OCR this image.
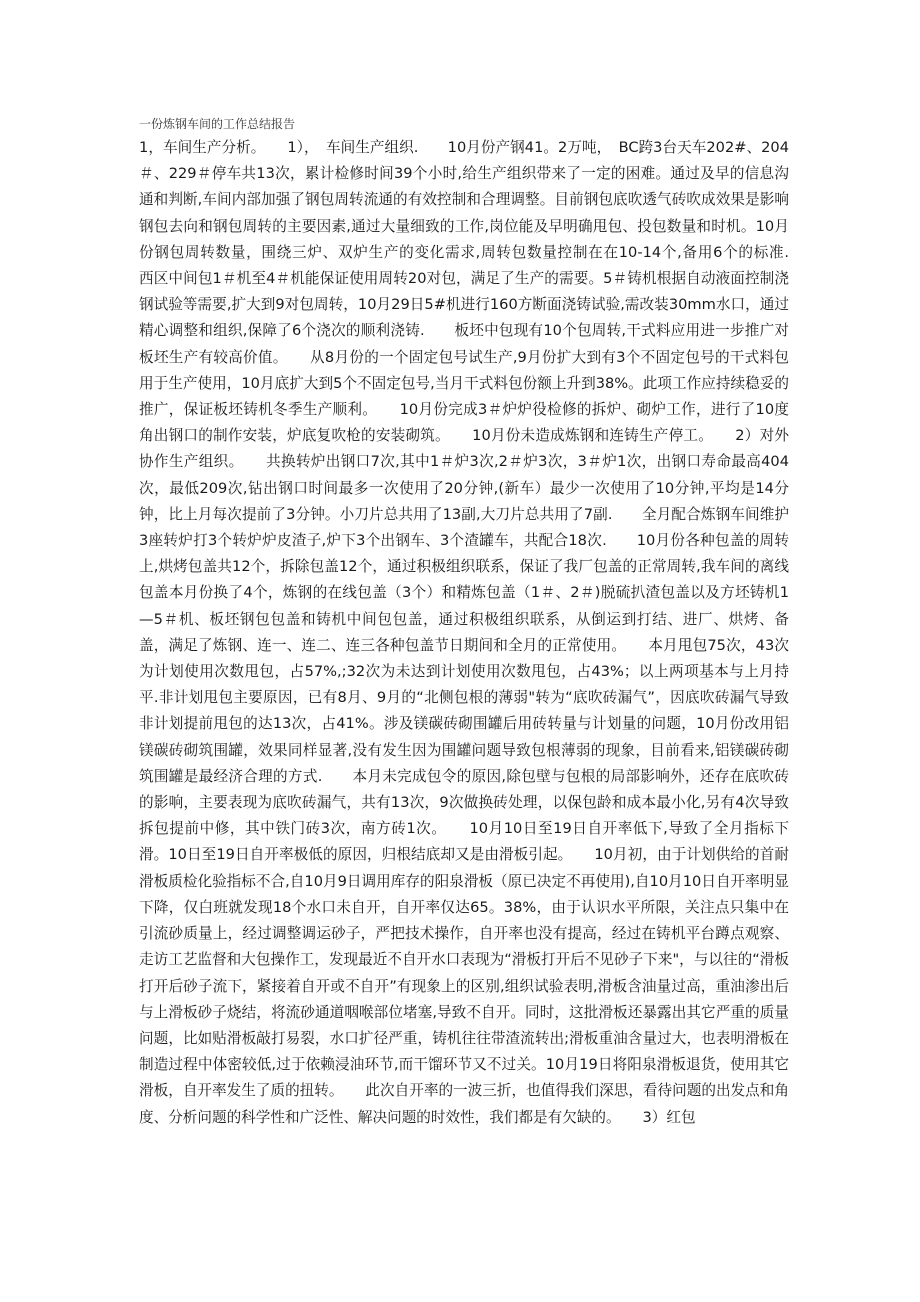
一份炼钢车间的工作总结报告
1，车间生产分析。　　1），　车间生产组织.　　10月份产钢41。2万吨，　BC跨3台天车202#、204＃、229＃停车共13次，累计检修时间39个小时,给生产组织带来了一定的困难。通过及早的信息沟通和判断,车间内部加强了钢包周转流通的有效控制和合理调整。目前钢包底吹透气砖吹成效果是影响钢包去向和钢包周转的主要因素,通过大量细致的工作,岗位能及早明确甩包、投包数量和时机。10月份钢包周转数量，围绕三炉、双炉生产的变化需求,周转包数量控制在在10-14个,备用6个的标准.　　西区中间包1＃机至4＃机能保证使用周转20对包，满足了生产的需要。5＃铸机根据自动液面控制浇钢试验等需要,扩大到9对包周转，10月29日5#机进行160方断面浇铸试验,需改装30mm水口，通过精心调整和组织,保障了6个浇次的顺利浇铸.　　板坯中包现有10个包周转,干式料应用进一步推广对板坯生产有较高价值。　　从8月份的一个固定包号试生产,9月份扩大到有3个不固定包号的干式料包用于生产使用，10月底扩大到5个不固定包号,当月干式料包份额上升到38%。此项工作应持续稳妥的推广，保证板坯铸机冬季生产顺利。　　10月份完成3＃炉炉役检修的拆炉、砌炉工作，进行了10度角出钢口的制作安装，炉底复吹枪的安装砌筑。　　10月份未造成炼钢和连铸生产停工。　　2）对外协作生产组织。　　共换转炉出钢口7次,其中1＃炉3次,2＃炉3次，3＃炉1次，出钢口寿命最高404次，最低209次,钻出钢口时间最多一次使用了20分钟,(新车）最少一次使用了10分钟,平均是14分钟，比上月每次提前了3分钟。小刀片总共用了13副,大刀片总共用了7副.　　全月配合炼钢车间维护3座转炉打3个转炉炉皮渣子,炉下3个出钢车、3个渣罐车，共配合18次.　　10月份各种包盖的周转上,烘烤包盖共12个，拆除包盖12个，通过积极组织联系，保证了我厂包盖的正常周转,我车间的离线包盖本月份换了4个，炼钢的在线包盖（3个）和精炼包盖（1＃、2＃)脱硫扒渣包盖以及方坯铸机1—5＃机、板坯钢包包盖和铸机中间包包盖，通过积极组织联系，从倒运到打结、进厂、烘烤、备盖，满足了炼钢、连一、连二、连三各种包盖节日期间和全月的正常使用。　　本月甩包75次，43次为计划使用次数甩包，占57%,;32次为未达到计划使用次数甩包，占43%；以上两项基本与上月持平.非计划甩包主要原因，已有8月、9月的“北侧包根的薄弱"转为“底吹砖漏气”，因底吹砖漏气导致非计划提前甩包的达13次，占41%。涉及镁碳砖砌围罐后用砖转量与计划量的问题，10月份改用铝镁碳砖砌筑围罐，效果同样显著,没有发生因为围罐问题导致包根薄弱的现象，目前看来,铝镁碳砖砌筑围罐是最经济合理的方式.　　本月未完成包令的原因,除包壁与包根的局部影响外，还存在底吹砖的影响，主要表现为底吹砖漏气，共有13次，9次做换砖处理，以保包龄和成本最小化,另有4次导致拆包提前中修，其中铁门砖3次，南方砖1次。　　10月10日至19日自开率低下,导致了全月指标下滑。10日至19日自开率极低的原因，归根结底却又是由滑板引起。　　10月初，由于计划供给的首耐滑板质检化验指标不合,自10月9日调用库存的阳泉滑板（原已决定不再使用),自10月10日自开率明显下降，仅白班就发现18个水口未自开，自开率仅达65。38%，由于认识水平所限，关注点只集中在引流砂质量上，经过调整调运砂子，严把技术操作，自开率也没有提高，经过在铸机平台蹲点观察、走访工艺监督和大包操作工，发现最近不自开水口表现为“滑板打开后不见砂子下来"，与以往的“滑板打开后砂子流下，紧接着自开或不自开”有现象上的区别,组织试验表明,滑板含油量过高，重油渗出后与上滑板砂子烧结，将流砂通道咽喉部位堵塞,导致不自开。同时，这批滑板还暴露出其它严重的质量问题，比如贴滑板敲打易裂，水口扩径严重，铸机往往带渣流转出;滑板重油含量过大，也表明滑板在制造过程中体密较低,过于依赖浸油环节,而干馏环节又不过关。10月19日将阳泉滑板退货，使用其它滑板，自开率发生了质的扭转。　　此次自开率的一波三折，也值得我们深思，看待问题的出发点和角度、分析问题的科学性和广泛性、解决问题的时效性，我们都是有欠缺的。　　3）红包
